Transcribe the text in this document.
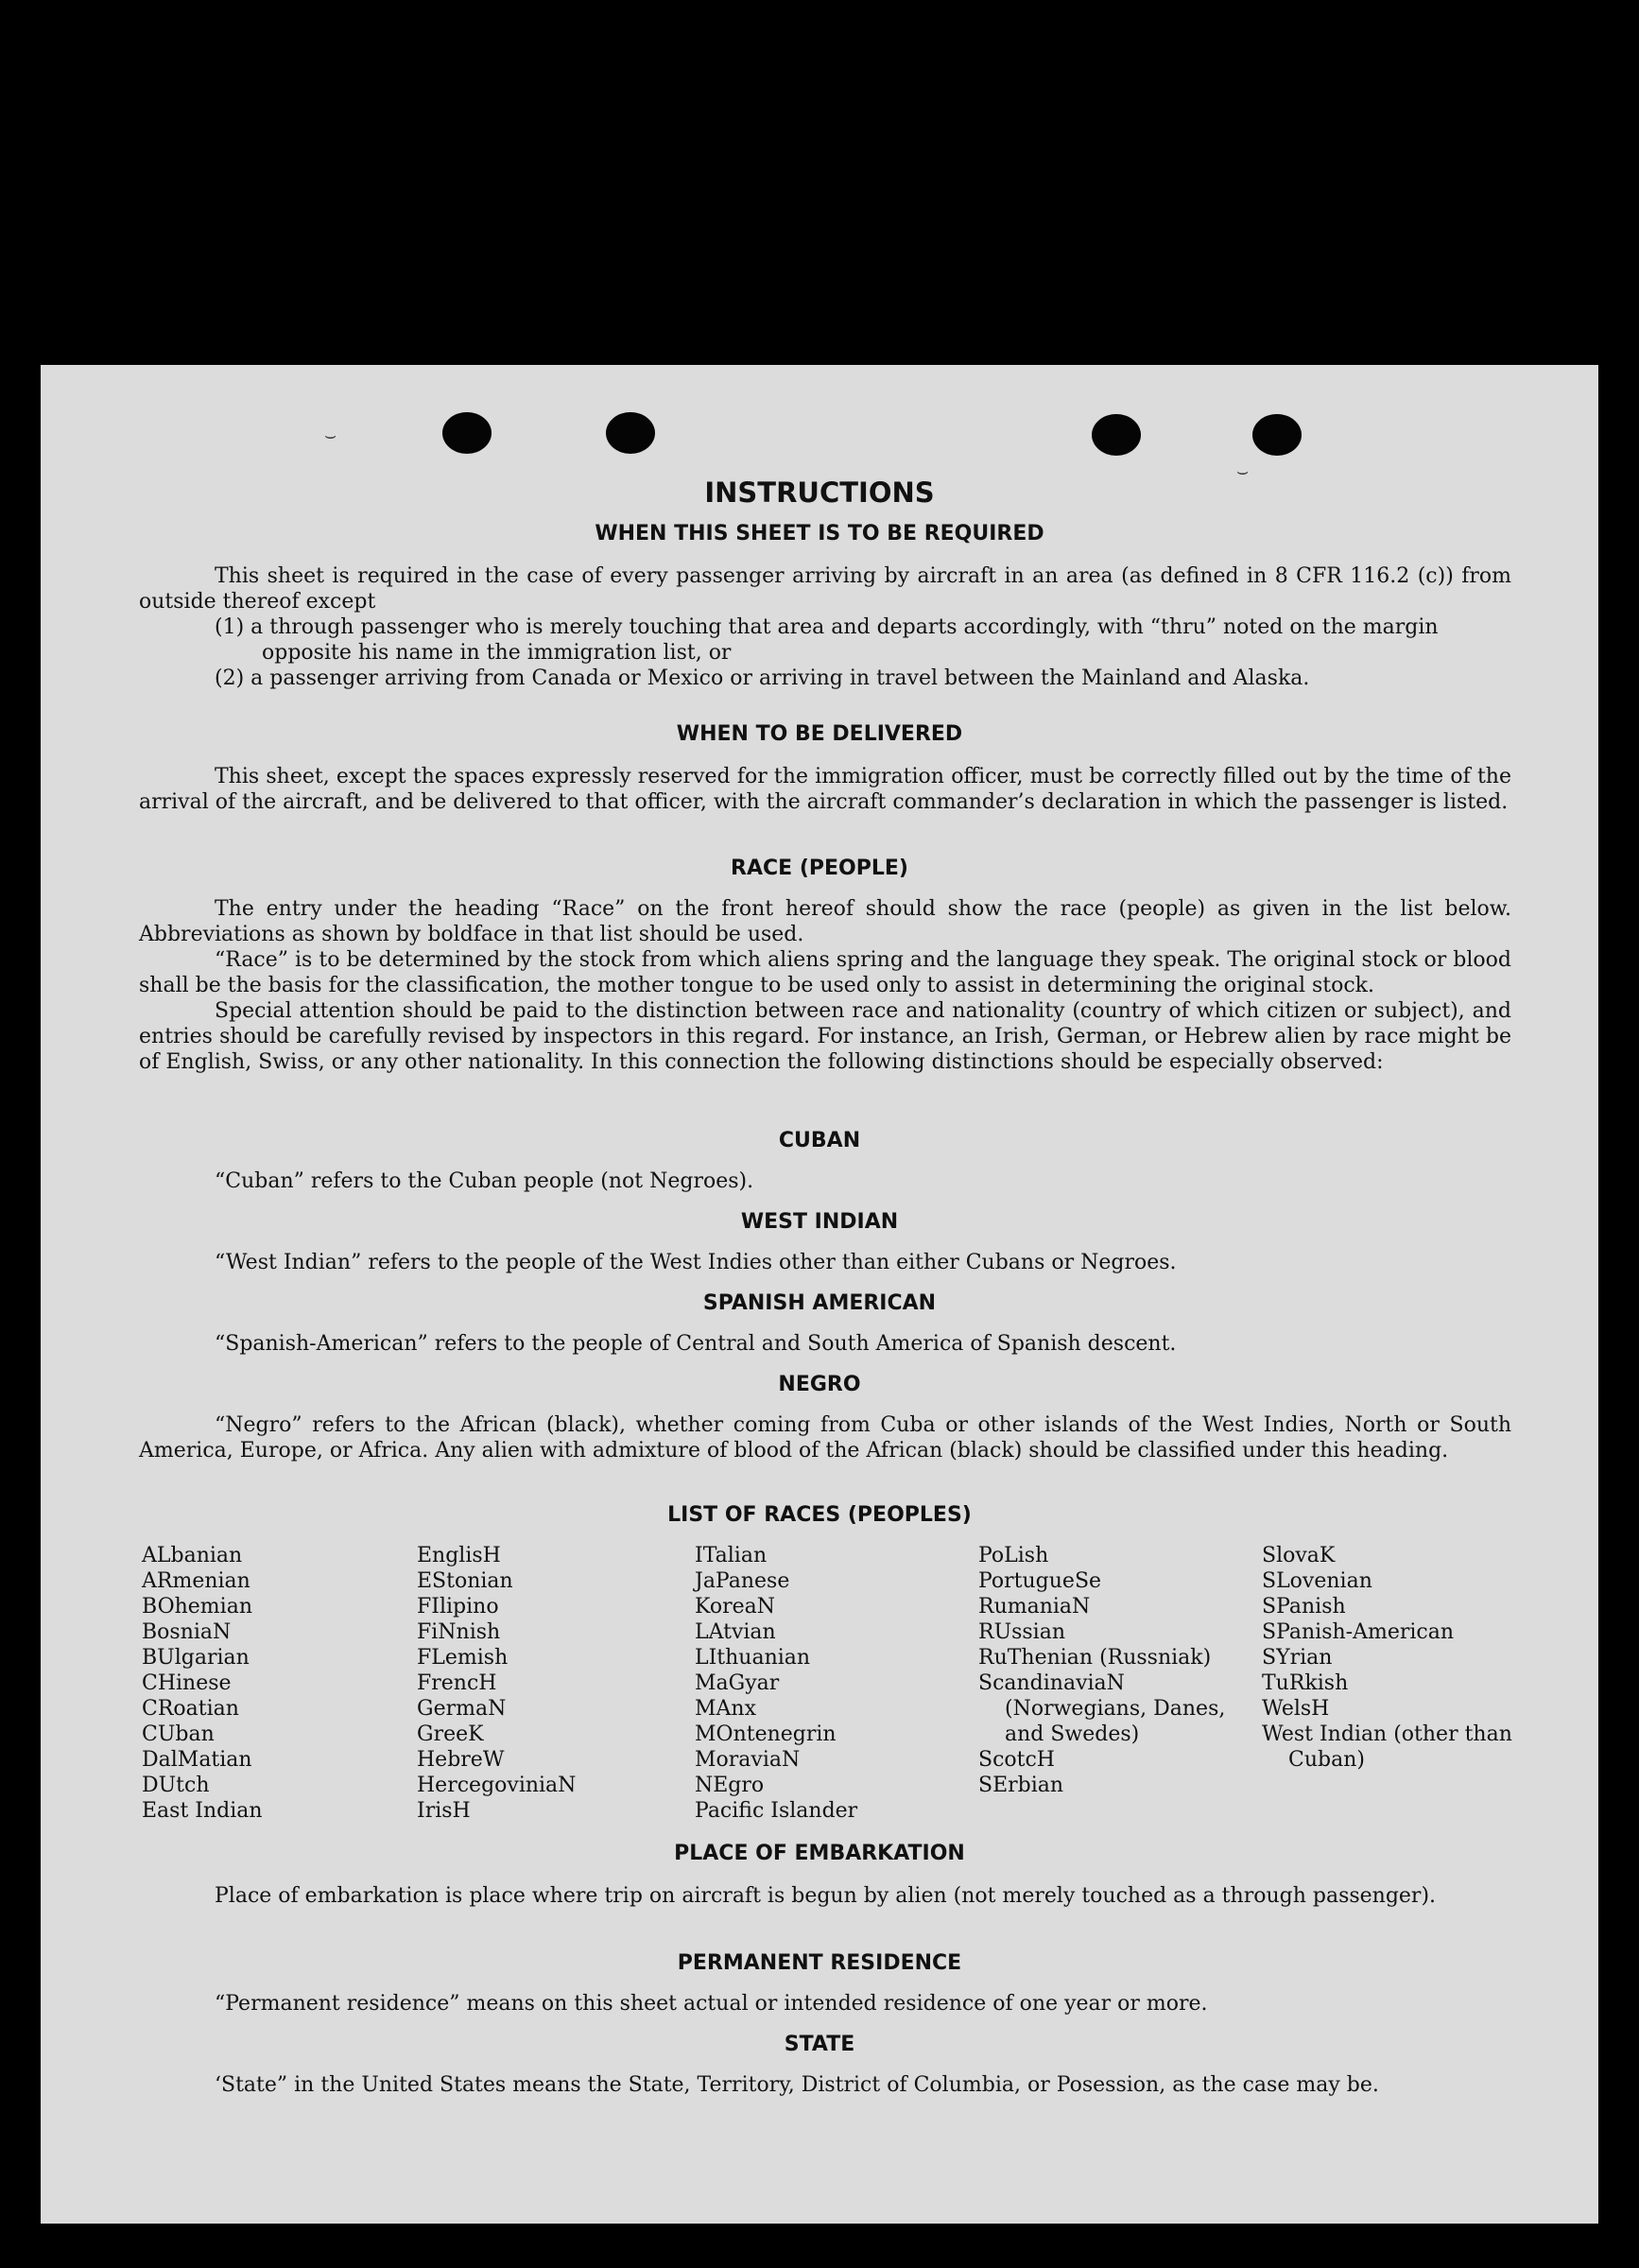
⌣
⌣
INSTRUCTIONS
WHEN THIS SHEET IS TO BE REQUIRED

This sheet is required in the case of every passenger arriving by aircraft in an area (as defined in 8 CFR 116.2 (c)) from outside thereof except

(1) a through passenger who is merely touching that area and departs accordingly, with “thru” noted on the margin opposite his name in the immigration list, or

(2) a passenger arriving from Canada or Mexico or arriving in travel between the Mainland and Alaska.

WHEN TO BE DELIVERED

This sheet, except the spaces expressly reserved for the immigration officer, must be correctly filled out by the time of the arrival of the aircraft, and be delivered to that officer, with the aircraft commander’s declaration in which the passenger is listed.

RACE (PEOPLE)

The entry under the heading “Race” on the front hereof should show the race (people) as given in the list below. Abbreviations as shown by boldface in that list should be used.

“Race” is to be determined by the stock from which aliens spring and the language they speak. The original stock or blood shall be the basis for the classification, the mother tongue to be used only to assist in determining the original stock.

Special attention should be paid to the distinction between race and nationality (country of which citizen or subject), and entries should be carefully revised by inspectors in this regard. For instance, an Irish, German, or Hebrew alien by race might be of English, Swiss, or any other nationality. In this connection the following distinctions should be especially observed:

CUBAN

“Cuban” refers to the Cuban people (not Negroes).

WEST INDIAN

“West Indian” refers to the people of the West Indies other than either Cubans or Negroes.

SPANISH AMERICAN

“Spanish-American” refers to the people of Central and South America of Spanish descent.

NEGRO

“Negro” refers to the African (black), whether coming from Cuba or other islands of the West Indies, North or South America, Europe, or Africa. Any alien with admixture of blood of the African (black) should be classified under this heading.

LIST OF RACES (PEOPLES)
ALbanian
ARmenian
BOhemian
BosniaN
BUlgarian
CHinese
CRoatian
CUban
DalMatian
DUtch
East Indian
EnglisH
EStonian
FIlipino
FiNnish
FLemish
FrencH
GermaN
GreeK
HebreW
HercegoviniaN
IrisH
ITalian
JaPanese
KoreaN
LAtvian
LIthuanian
MaGyar
MAnx
MOntenegrin
MoraviaN
NEgro
Pacific Islander
PoLish
PortugueSe
RumaniaN
RUssian
RuThenian (Russniak)
ScandinaviaN (Norwegians, Danes, and Swedes)
ScotcH
SErbian
SlovaK
SLovenian
SPanish
SPanish-American
SYrian
TuRkish
WelsH
West Indian (other than Cuban)
PLACE OF EMBARKATION

Place of embarkation is place where trip on aircraft is begun by alien (not merely touched as a through passenger).

PERMANENT RESIDENCE

“Permanent residence” means on this sheet actual or intended residence of one year or more.

STATE

‘State” in the United States means the State, Territory, District of Columbia, or Posession, as the case may be.
